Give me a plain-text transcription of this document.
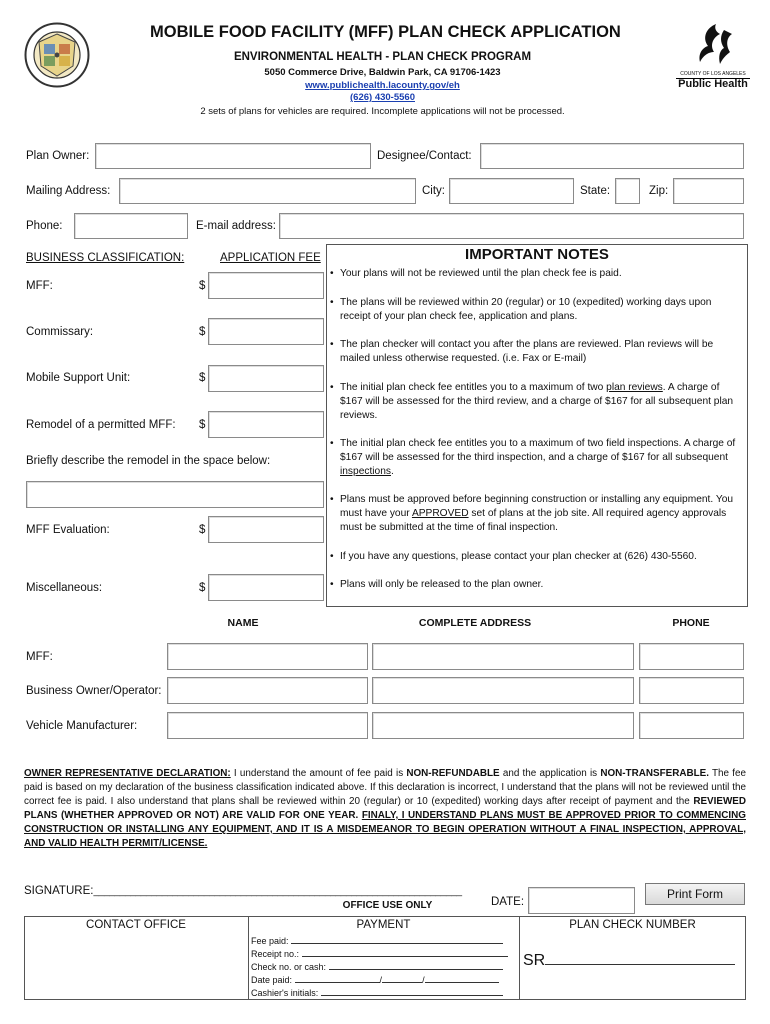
MOBILE FOOD FACILITY (MFF) PLAN CHECK APPLICATION
ENVIRONMENTAL HEALTH - PLAN CHECK PROGRAM
5050 Commerce Drive, Baldwin Park, CA 91706-1423
www.publichealth.lacounty.gov/eh
(626) 430-5560
2 sets of plans for vehicles are required. Incomplete applications will not be processed.
COUNTY OF LOS ANGELES
Public Health
Plan Owner:	Designee/Contact:
Mailing Address:	City:	State:	Zip:
Phone:	E-mail address:
BUSINESS CLASSIFICATION:	APPLICATION FEE
MFF:	$
Commissary:	$
Mobile Support Unit:	$
Remodel of a permitted MFF: $
Briefly describe the remodel in the space below:
MFF Evaluation:	$
Miscellaneous:	$
IMPORTANT NOTES
• Your plans will not be reviewed until the plan check fee is paid.
• The plans will be reviewed within 20 (regular) or 10 (expedited) working days upon receipt of your plan check fee, application and plans.
• The plan checker will contact you after the plans are reviewed. Plan reviews will be mailed unless otherwise requested. (i.e. Fax or E-mail)
• The initial plan check fee entitles you to a maximum of two plan reviews. A charge of $167 will be assessed for the third review, and a charge of $167 for all subsequent plan reviews.
• The initial plan check fee entitles you to a maximum of two field inspections. A charge of $167 will be assessed for the third inspection, and a charge of $167 for all subsequent inspections.
• Plans must be approved before beginning construction or installing any equipment. You must have your APPROVED set of plans at the job site. All required agency approvals must be submitted at the time of final inspection.
• If you have any questions, please contact your plan checker at (626) 430-5560.
• Plans will only be released to the plan owner.
NAME	COMPLETE ADDRESS	PHONE
MFF:
Business Owner/Operator:
Vehicle Manufacturer:
OWNER REPRESENTATIVE DECLARATION: I understand the amount of fee paid is NON-REFUNDABLE and the application is NON-TRANSFERABLE. The fee paid is based on my declaration of the business classification indicated above. If this declaration is incorrect, I understand that the plans will not be reviewed until the correct fee is paid. I also understand that plans shall be reviewed within 20 (regular) or 10 (expedited) working days after receipt of payment and the REVIEWED PLANS (WHETHER APPROVED OR NOT) ARE VALID FOR ONE YEAR. FINALY, I UNDERSTAND PLANS MUST BE APPROVED PRIOR TO COMMENCING CONSTRUCTION OR INSTALLING ANY EQUIPMENT, AND IT IS A MISDEMEANOR TO BEGIN OPERATION WITHOUT A FINAL INSPECTION, APPROVAL, AND VALID HEALTH PERMIT/LICENSE.
SIGNATURE:______________________________________________________________________
DATE:
Print Form
OFFICE USE ONLY
CONTACT OFFICE	PAYMENT	PLAN CHECK NUMBER
Fee paid:
Receipt no.:
Check no. or cash:
Date paid:	/	/
Cashier's initials:
SR
